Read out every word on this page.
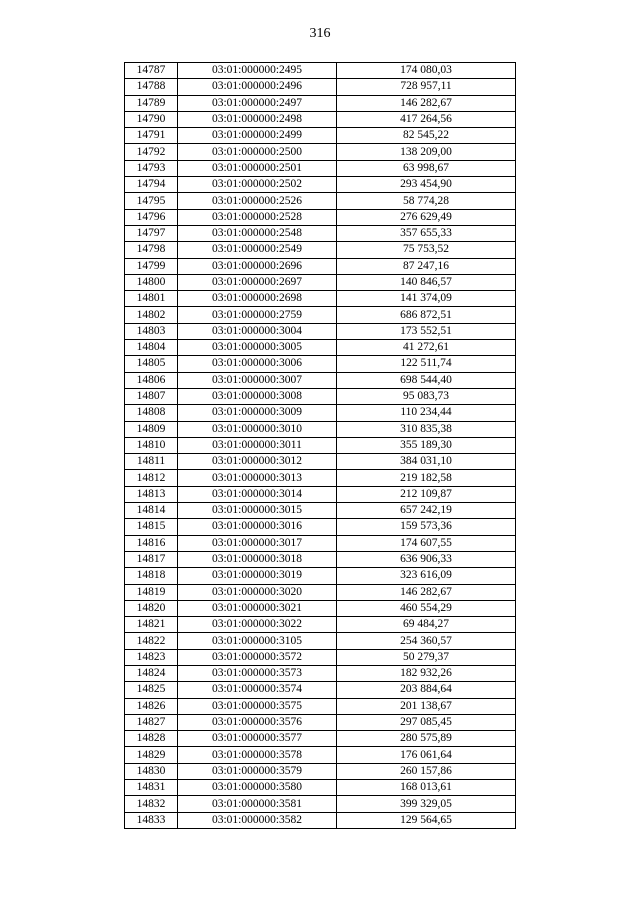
316
14787	03:01:000000:2495	174 080,03
14788	03:01:000000:2496	728 957,11
14789	03:01:000000:2497	146 282,67
14790	03:01:000000:2498	417 264,56
14791	03:01:000000:2499	82 545,22
14792	03:01:000000:2500	138 209,00
14793	03:01:000000:2501	63 998,67
14794	03:01:000000:2502	293 454,90
14795	03:01:000000:2526	58 774,28
14796	03:01:000000:2528	276 629,49
14797	03:01:000000:2548	357 655,33
14798	03:01:000000:2549	75 753,52
14799	03:01:000000:2696	87 247,16
14800	03:01:000000:2697	140 846,57
14801	03:01:000000:2698	141 374,09
14802	03:01:000000:2759	686 872,51
14803	03:01:000000:3004	173 552,51
14804	03:01:000000:3005	41 272,61
14805	03:01:000000:3006	122 511,74
14806	03:01:000000:3007	698 544,40
14807	03:01:000000:3008	95 083,73
14808	03:01:000000:3009	110 234,44
14809	03:01:000000:3010	310 835,38
14810	03:01:000000:3011	355 189,30
14811	03:01:000000:3012	384 031,10
14812	03:01:000000:3013	219 182,58
14813	03:01:000000:3014	212 109,87
14814	03:01:000000:3015	657 242,19
14815	03:01:000000:3016	159 573,36
14816	03:01:000000:3017	174 607,55
14817	03:01:000000:3018	636 906,33
14818	03:01:000000:3019	323 616,09
14819	03:01:000000:3020	146 282,67
14820	03:01:000000:3021	460 554,29
14821	03:01:000000:3022	69 484,27
14822	03:01:000000:3105	254 360,57
14823	03:01:000000:3572	50 279,37
14824	03:01:000000:3573	182 932,26
14825	03:01:000000:3574	203 884,64
14826	03:01:000000:3575	201 138,67
14827	03:01:000000:3576	297 085,45
14828	03:01:000000:3577	280 575,89
14829	03:01:000000:3578	176 061,64
14830	03:01:000000:3579	260 157,86
14831	03:01:000000:3580	168 013,61
14832	03:01:000000:3581	399 329,05
14833	03:01:000000:3582	129 564,65
